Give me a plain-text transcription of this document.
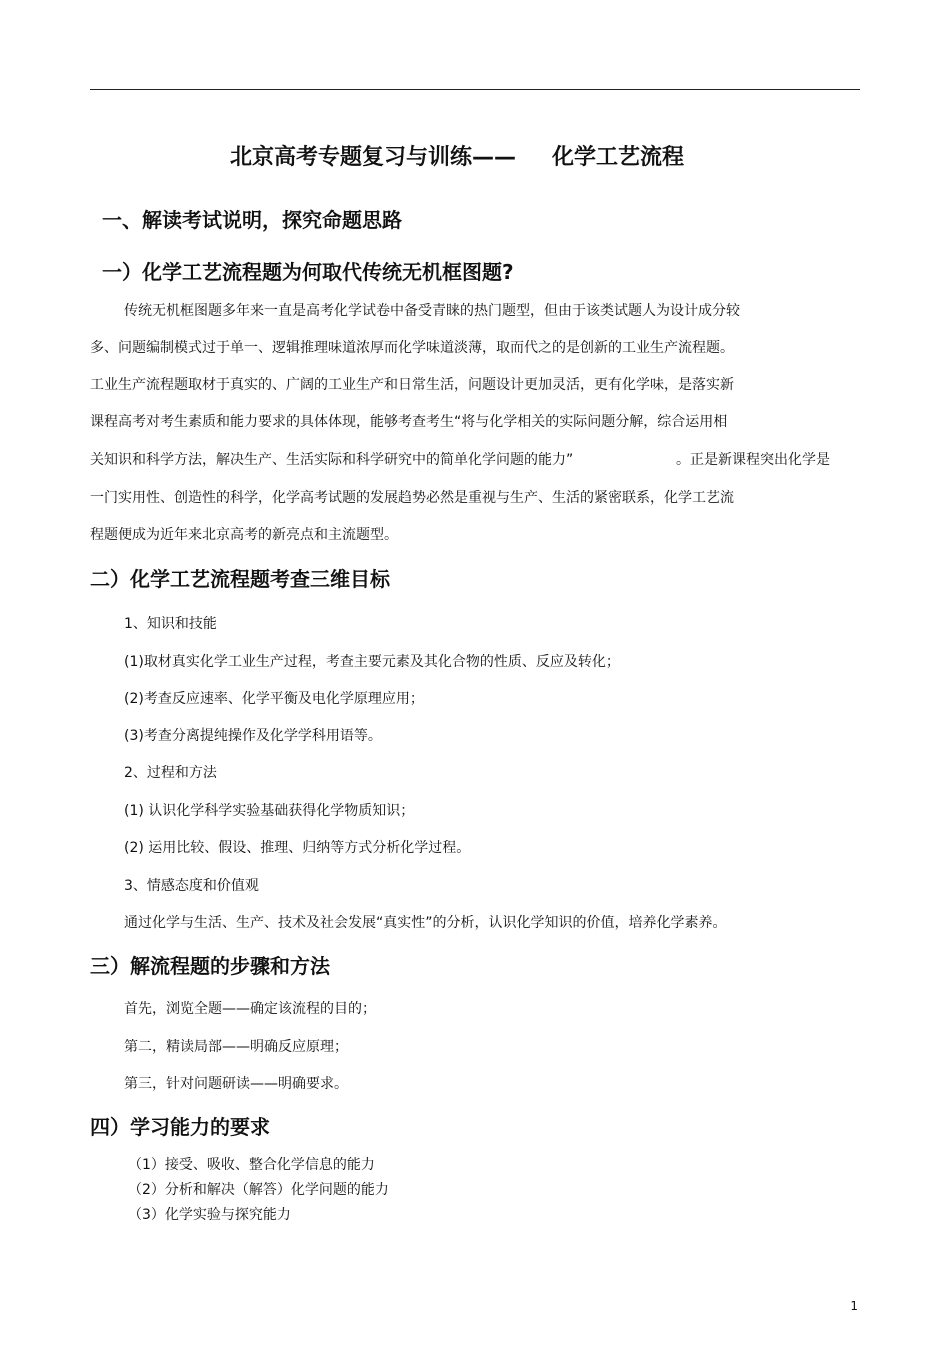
北京高考专题复习与训练—— 化学工艺流程
一、解读考试说明，探究命题思路
一）化学工艺流程题为何取代传统无机框图题?

传统无机框图题多年来一直是高考化学试卷中备受青睐的热门题型，但由于该类试题人为设计成分较

多、问题编制模式过于单一、逻辑推理味道浓厚而化学味道淡薄，取而代之的是创新的工业生产流程题。

工业生产流程题取材于真实的、广阔的工业生产和日常生活，问题设计更加灵活，更有化学味，是落实新

课程高考对考生素质和能力要求的具体体现，能够考查考生“将与化学相关的实际问题分解，综合运用相

关知识和科学方法，解决生产、生活实际和科学研究中的简单化学问题的能力”	。正是新课程突出化学是

一门实用性、创造性的科学，化学高考试题的发展趋势必然是重视与生产、生活的紧密联系，化学工艺流

程题便成为近年来北京高考的新亮点和主流题型。

二）化学工艺流程题考查三维目标

1、知识和技能

(1)取材真实化学工业生产过程，考查主要元素及其化合物的性质、反应及转化；

(2)考查反应速率、化学平衡及电化学原理应用；

(3)考查分离提纯操作及化学学科用语等。

2、过程和方法

(1) 认识化学科学实验基础获得化学物质知识；

(2) 运用比较、假设、推理、归纳等方式分析化学过程。

3、情感态度和价值观

通过化学与生活、生产、技术及社会发展“真实性”的分析，认识化学知识的价值，培养化学素养。

三）解流程题的步骤和方法

首先，浏览全题——确定该流程的目的；

第二，精读局部——明确反应原理；

第三，针对问题研读——明确要求。

四）学习能力的要求

（1）接受、吸收、整合化学信息的能力

（2）分析和解决（解答）化学问题的能力

（3）化学实验与探究能力

1
